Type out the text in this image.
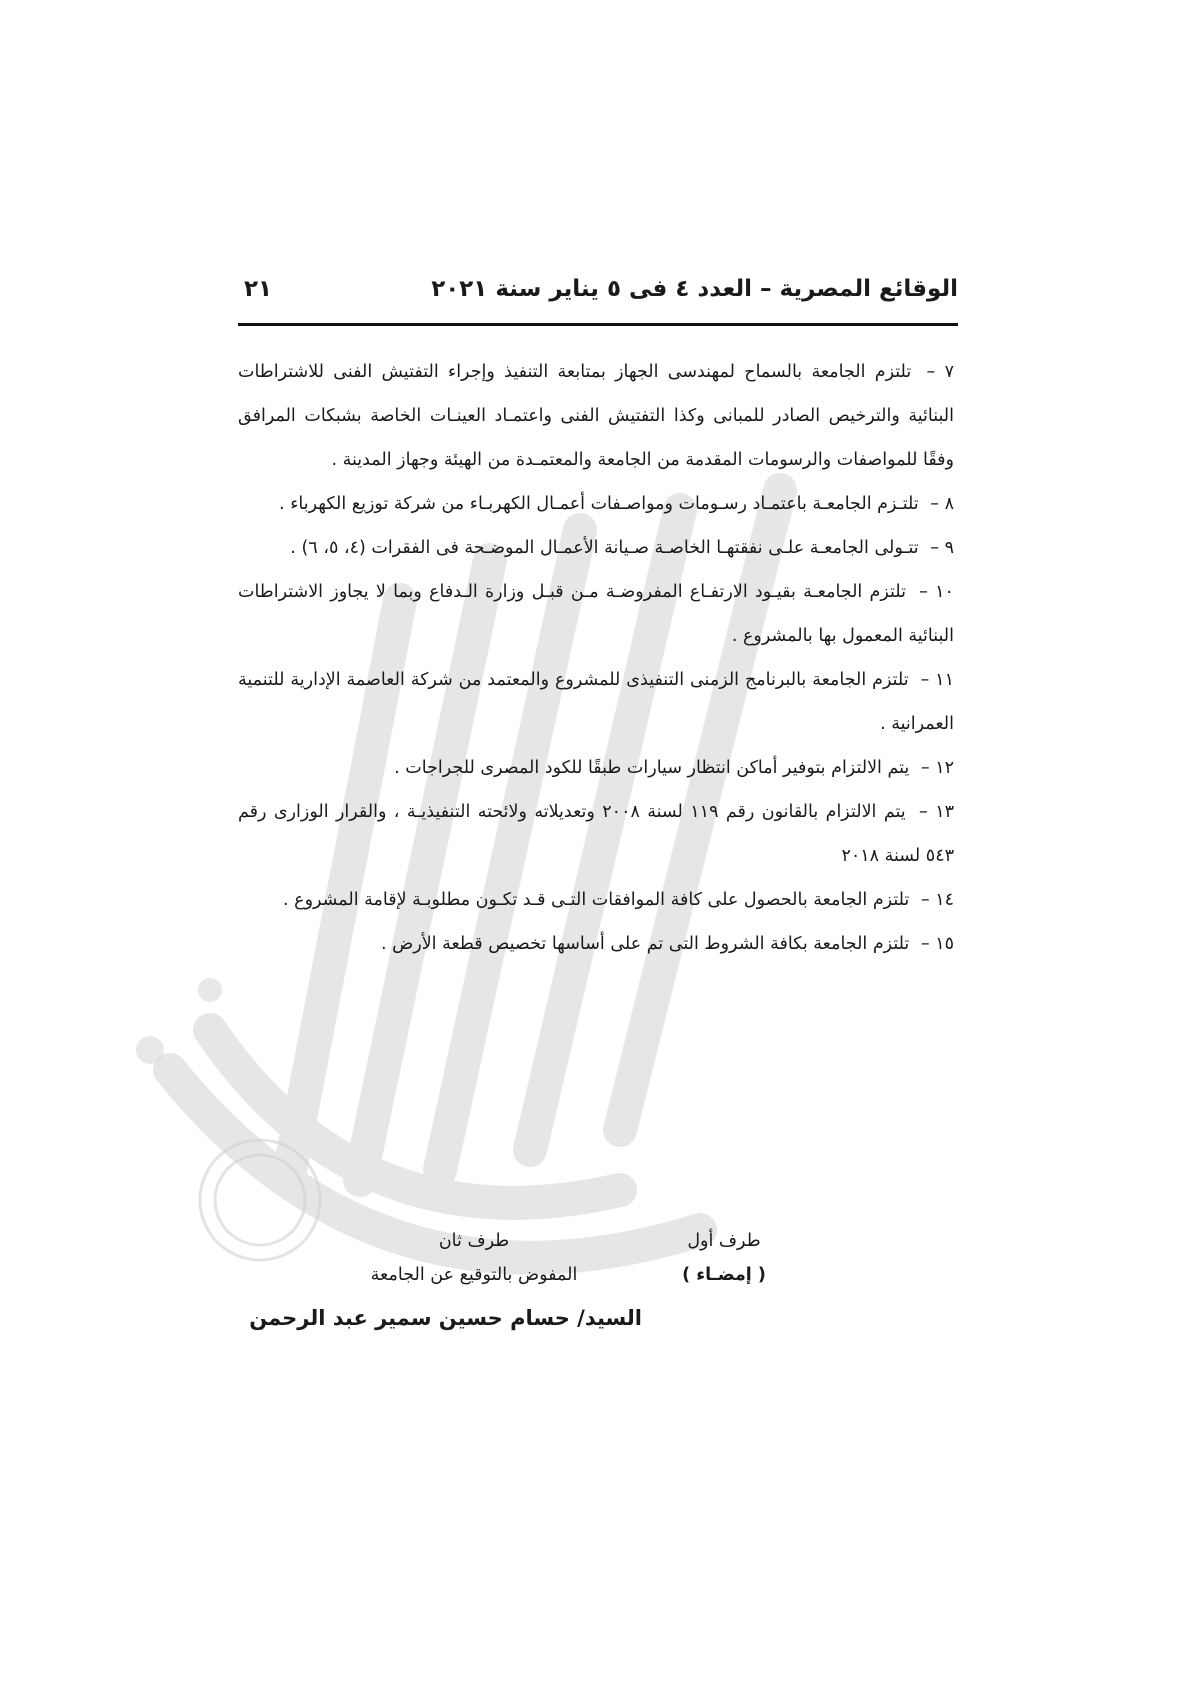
الوقائع المصرية – العدد ٤ فى ٥ يناير سنة ٢٠٢١
٢١

٧ – تلتزم الجامعة بالسماح لمهندسى الجهاز بمتابعة التنفيذ وإجراء التفتيش الفنى للاشتراطات البنائية والترخيص الصادر للمبانى وكذا التفتيش الفنى واعتمـاد العينـات الخاصة بشبكات المرافق وفقًا للمواصفات والرسومات المقدمة من الجامعة والمعتمـدة من الهيئة وجهاز المدينة .

٨ – تلتـزم الجامعـة باعتمـاد رسـومات ومواصـفات أعمـال الكهربـاء من شركة توزيع الكهرباء .

٩ – تتـولى الجامعـة علـى نفقتهـا الخاصـة صـيانة الأعمـال الموضـحة فى الفقرات (٤، ٥، ٦) .

١٠ – تلتزم الجامعـة بقيـود الارتفـاع المفروضـة مـن قبـل وزارة الـدفاع وبما لا يجاوز الاشتراطات البنائية المعمول بها بالمشروع .

١١ – تلتزم الجامعة بالبرنامج الزمنى التنفيذى للمشروع والمعتمد من شركة العاصمة الإدارية للتنمية العمرانية .

١٢ – يتم الالتزام بتوفير أماكن انتظار سيارات طبقًا للكود المصرى للجراجات .

١٣ – يتم الالتزام بالقانون رقم ١١٩ لسنة ٢٠٠٨ وتعديلاته ولائحته التنفيذيـة ، والقرار الوزارى رقم ٥٤٣ لسنة ٢٠١٨

١٤ – تلتزم الجامعة بالحصول على كافة الموافقات التـى قـد تكـون مطلوبـة لإقامة المشروع .

١٥ – تلتزم الجامعة بكافة الشروط التى تم على أساسها تخصيص قطعة الأرض .

طرف أول
( إمضـاء )
طرف ثان
المفوض بالتوقيع عن الجامعة
السيد/ حسام حسين سمير عبد الرحمن
